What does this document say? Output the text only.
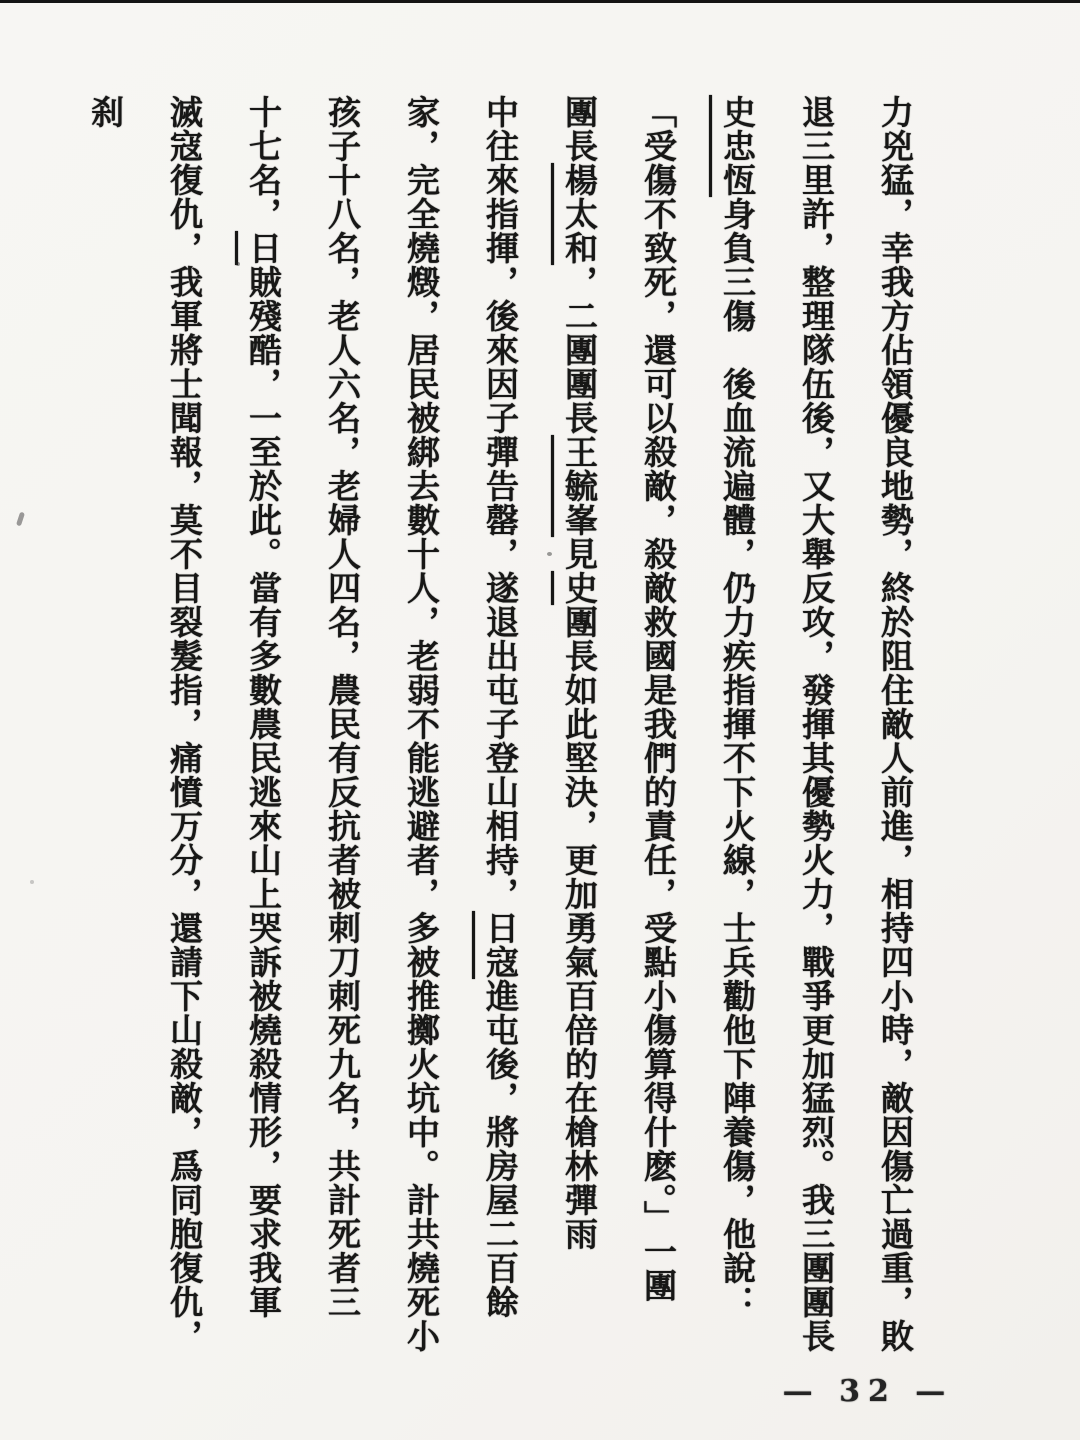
力兇猛，幸我方佔領優良地勢，終於阻住敵人前進，相持四小時，敵因傷亡過重，敗
退三里許，整理隊伍後，又大舉反攻，發揮其優勢火力，戰爭更加猛烈。我三團團長
史忠恆身負三傷　後血流遍體，仍力疾指揮不下火線，士兵勸他下陣養傷，他說：
「受傷不致死，還可以殺敵，殺敵救國是我們的責任，受點小傷算得什麽。」一團
團長楊太和，二團團長王毓峯見史團長如此堅決，更加勇氣百倍的在槍林彈雨
中往來指揮，後來因子彈告罄，遂退出屯子登山相持，日寇進屯後，將房屋二百餘
家，完全燒燬，居民被綁去數十人，老弱不能逃避者，多被推擲火坑中。計共燒死小
孩子十八名，老人六名，老婦人四名，農民有反抗者被刺刀刺死九名，共計死者三
十七名，日賊殘酷，一至於此。當有多數農民逃來山上哭訴被燒殺情形，要求我軍
滅寇復仇，我軍將士聞報，莫不目裂髮指，痛憤万分，還請下山殺敵，爲同胞復仇，刹
— 32 —
